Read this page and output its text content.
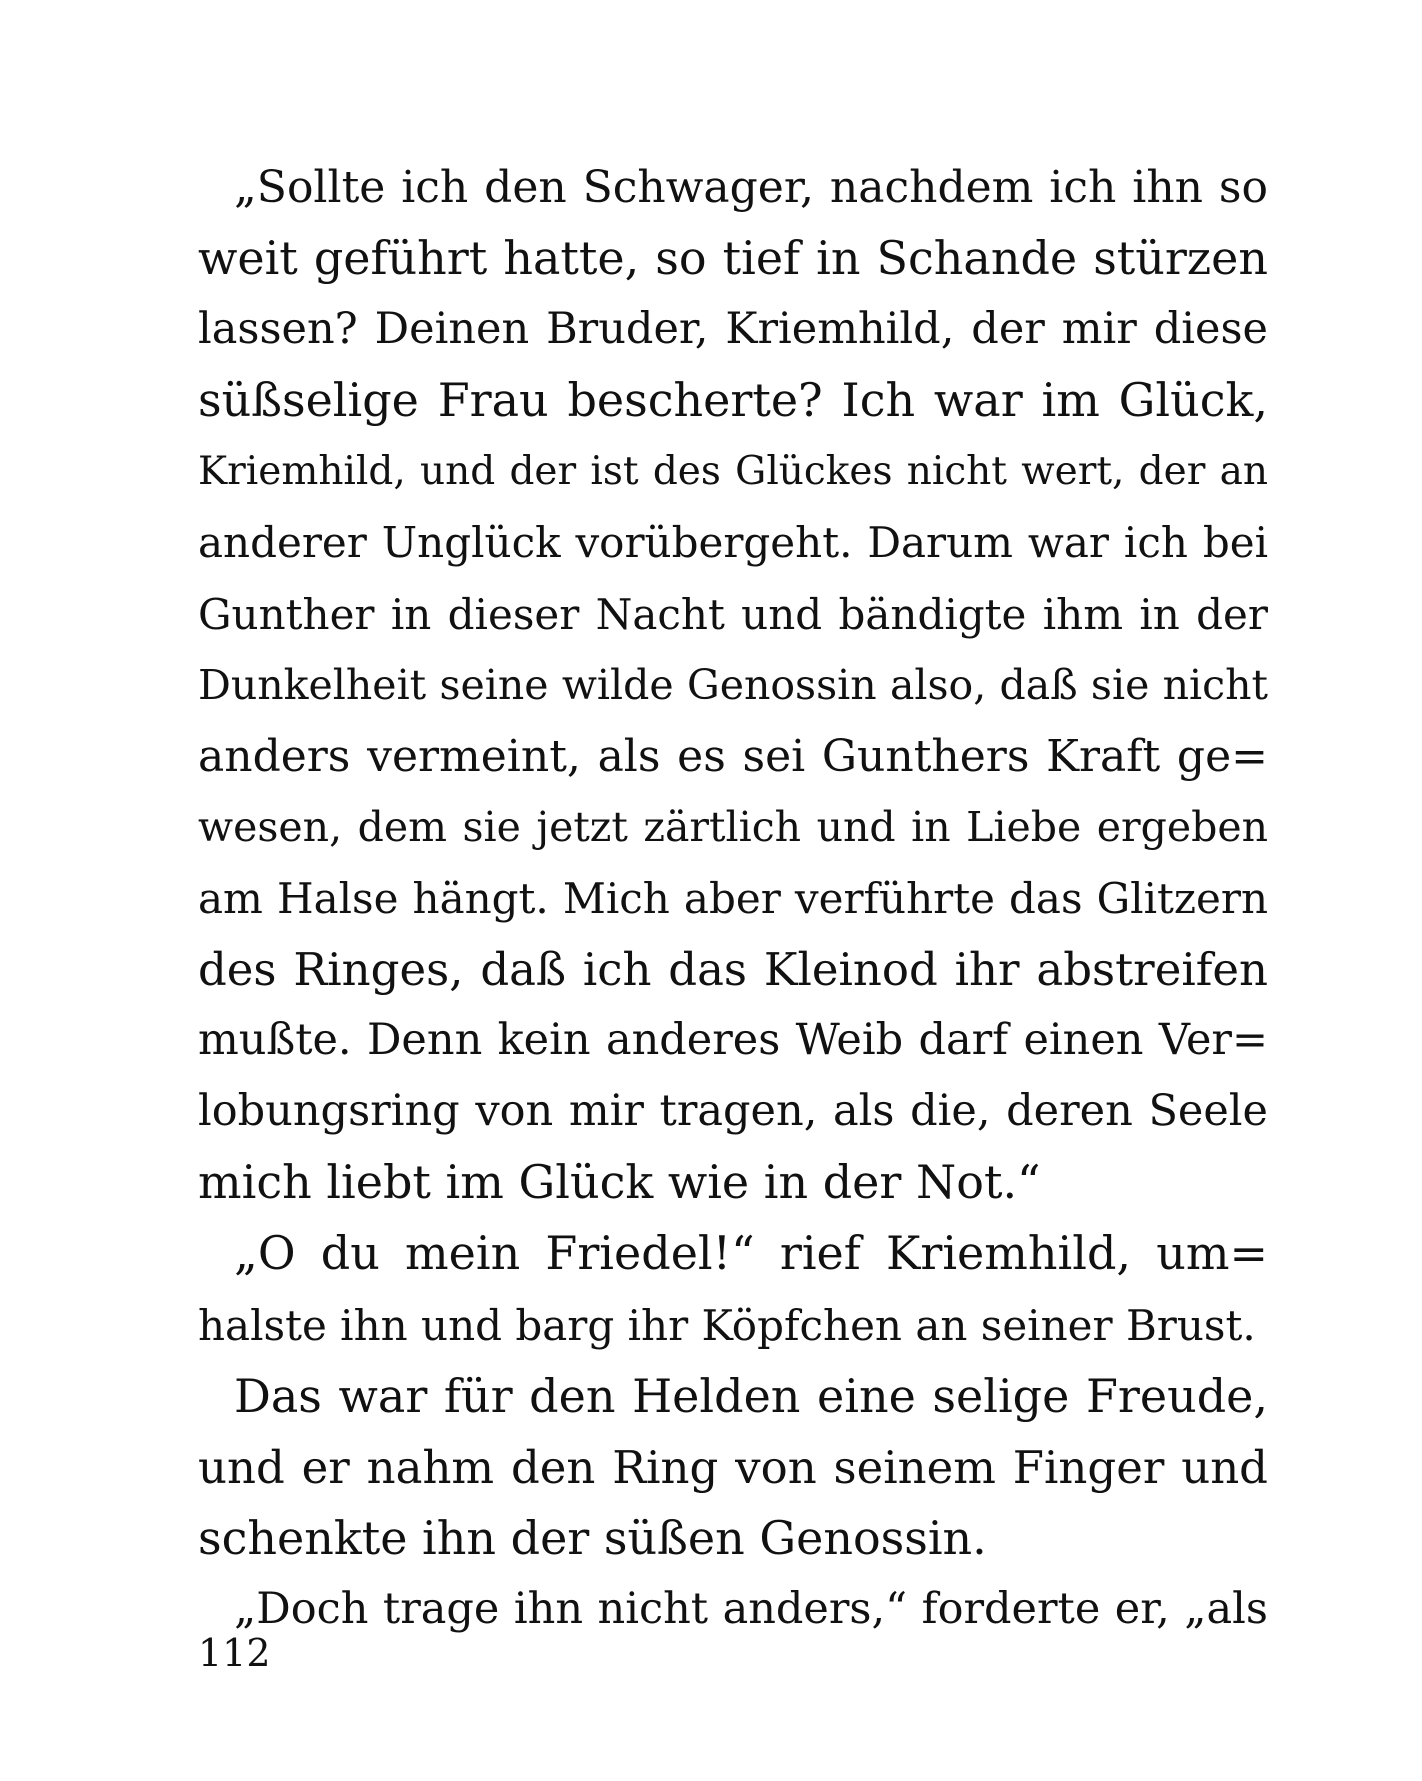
„Sollte ich den Schwager, nachdem ich ihn so
weit geführt hatte, so tief in Schande stürzen
lassen? Deinen Bruder, Kriemhild, der mir diese
süßselige Frau bescherte? Ich war im Glück,
Kriemhild, und der ist des Glückes nicht wert, der an
anderer Unglück vorübergeht. Darum war ich bei
Gunther in dieser Nacht und bändigte ihm in der
Dunkelheit seine wilde Genossin also, daß sie nicht
anders vermeint, als es sei Gunthers Kraft ge=
wesen, dem sie jetzt zärtlich und in Liebe ergeben
am Halse hängt. Mich aber verführte das Glitzern
des Ringes, daß ich das Kleinod ihr abstreifen
mußte. Denn kein anderes Weib darf einen Ver=
lobungsring von mir tragen, als die, deren Seele
mich liebt im Glück wie in der Not.“
„O du mein Friedel!“ rief Kriemhild, um=
halste ihn und barg ihr Köpfchen an seiner Brust.
Das war für den Helden eine selige Freude,
und er nahm den Ring von seinem Finger und
schenkte ihn der süßen Genossin.
„Doch trage ihn nicht anders,“ forderte er, „als
112
